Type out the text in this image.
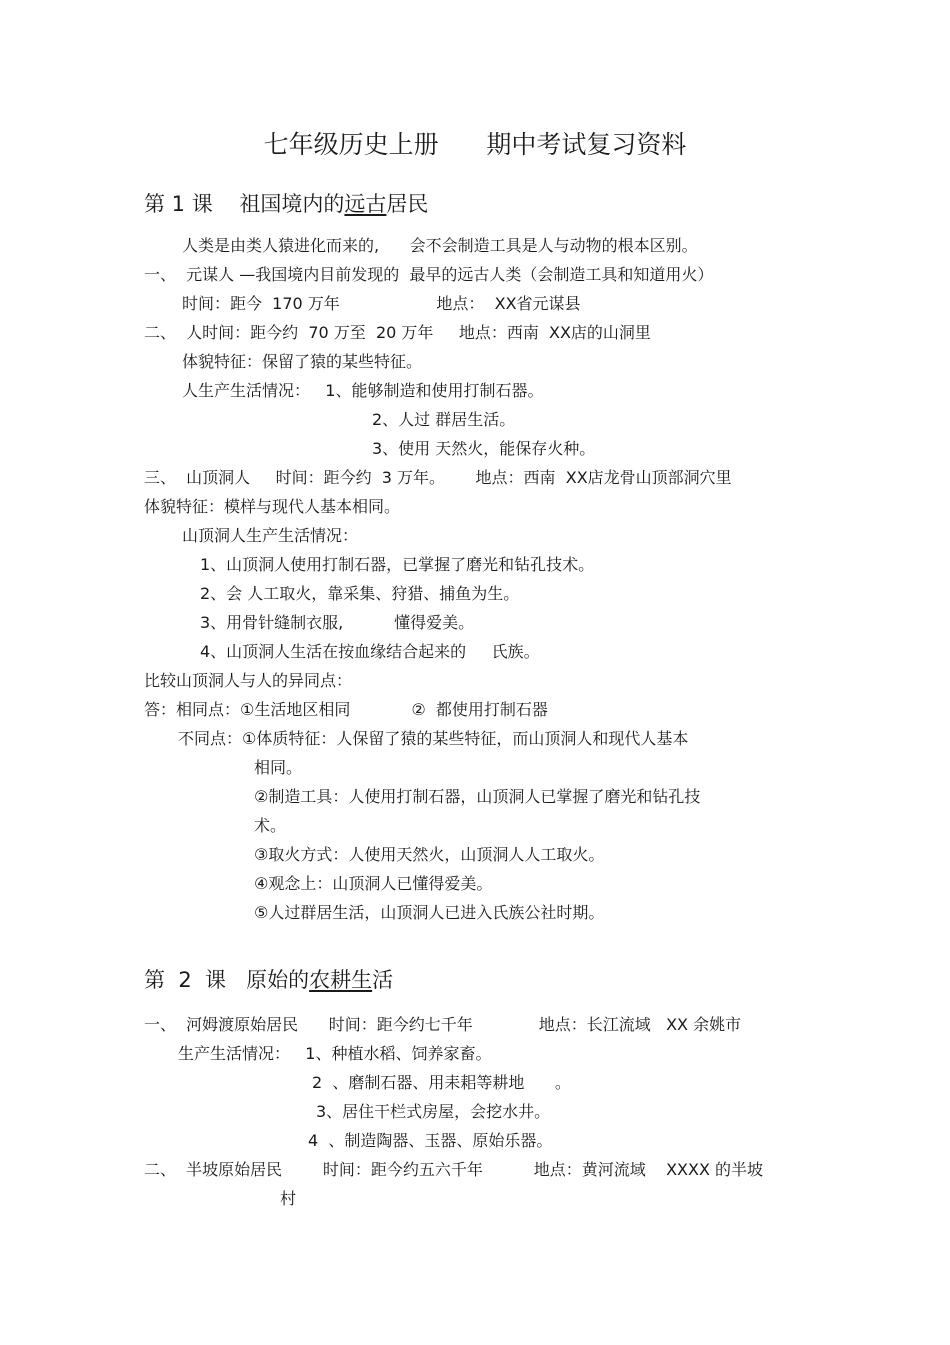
七年级历史上册      期中考试复习资料
第 1 课    祖国境内的远古居民
人类是由类人猿进化而来的,      会不会制造工具是人与动物的根本区别。
一、  元谋人 —我国境内目前发现的  最早的远古人类（会制造工具和知道用火）
时间：距今  170 万年                   地点：  XX省元谋县
二、  人时间：距今约  70 万至  20 万年     地点：西南  XX店的山洞里
体貌特征：保留了猿的某些特征。
人生产生活情况：   1、能够制造和使用打制石器。
2、人过 群居生活。
3、使用 天然火，能保存火种。
三、  山顶洞人     时间：距今约  3 万年。      地点：西南  XX店龙骨山顶部洞穴里
体貌特征：模样与现代人基本相同。
山顶洞人生产生活情况：
1、山顶洞人使用打制石器，已掌握了磨光和钻孔技术。
2、会 人工取火，靠采集、狩猎、捕鱼为生。
3、用骨针缝制衣服,          懂得爱美。
4、山顶洞人生活在按血缘结合起来的     氏族。
比较山顶洞人与人的异同点：
答：相同点：①生活地区相同            ②  都使用打制石器
不同点：①体质特征：人保留了猿的某些特征，而山顶洞人和现代人基本
相同。
②制造工具：人使用打制石器，山顶洞人已掌握了磨光和钻孔技
术。
③取火方式：人使用天然火，山顶洞人人工取火。
④观念上：山顶洞人已懂得爱美。
⑤人过群居生活，山顶洞人已进入氏族公社时期。
第  2  课   原始的农耕生活
一、  河姆渡原始居民      时间：距今约七千年             地点：长江流域   XX 余姚市
生产生活情况：   1、种植水稻、饲养家畜。
2  、磨制石器、用耒耜等耕地      。
3、居住干栏式房屋，会挖水井。
4  、制造陶器、玉器、原始乐器。
二、  半坡原始居民        时间：距今约五六千年          地点：黄河流域    XXXX 的半坡
村
